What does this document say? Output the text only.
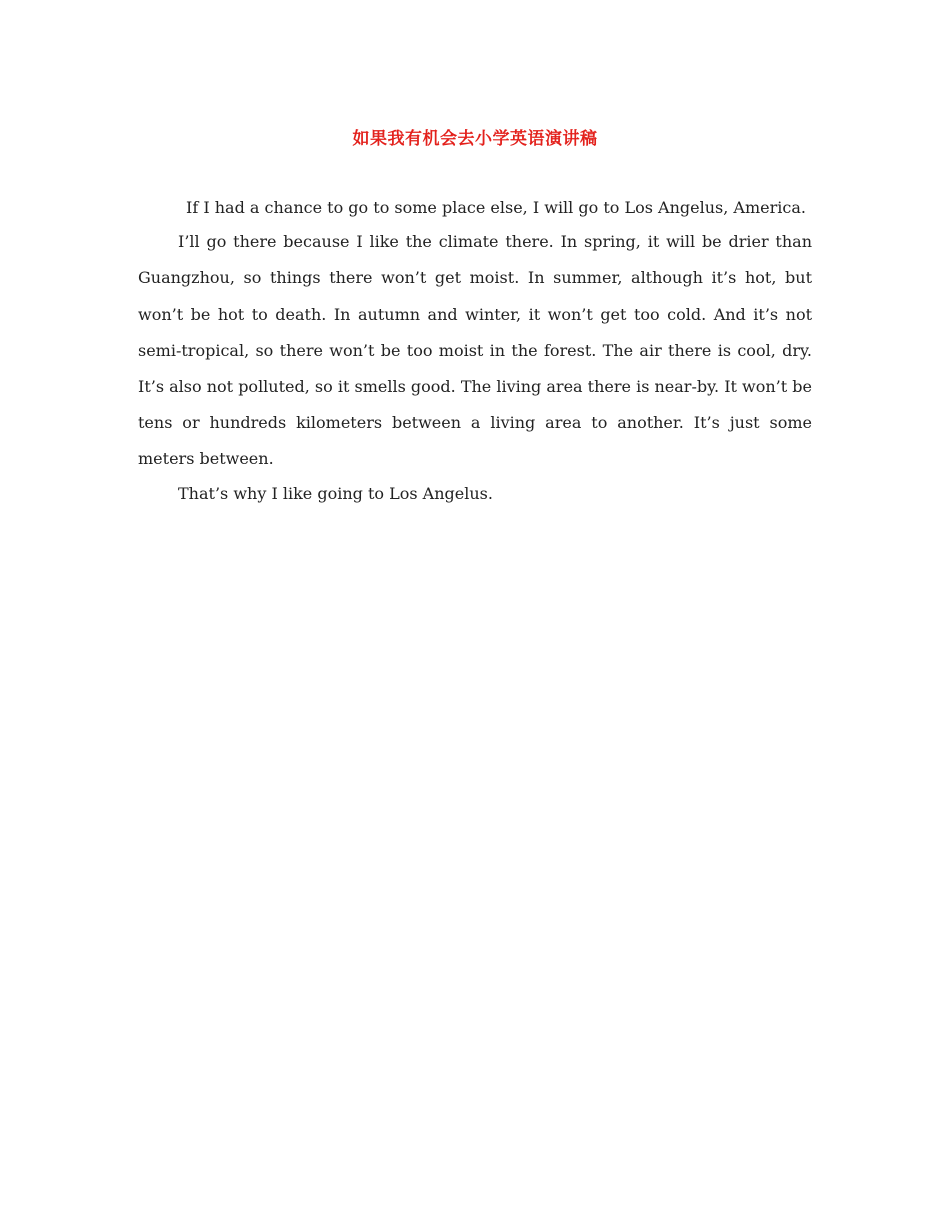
如果我有机会去小学英语演讲稿

If I had a chance to go to some place else, I will go to Los Angelus, America.

I’ll go there because I like the climate there. In spring, it will be drier than Guangzhou, so things there won’t get moist. In summer, although it’s hot, but won’t be hot to death. In autumn and winter, it won’t get too cold. And it’s not semi-tropical, so there won’t be too moist in the forest. The air there is cool, dry. It’s also not polluted, so it smells good. The living area there is near-by. It won’t be tens or hundreds kilometers between a living area to another. It’s just some meters between.

That’s why I like going to Los Angelus.
